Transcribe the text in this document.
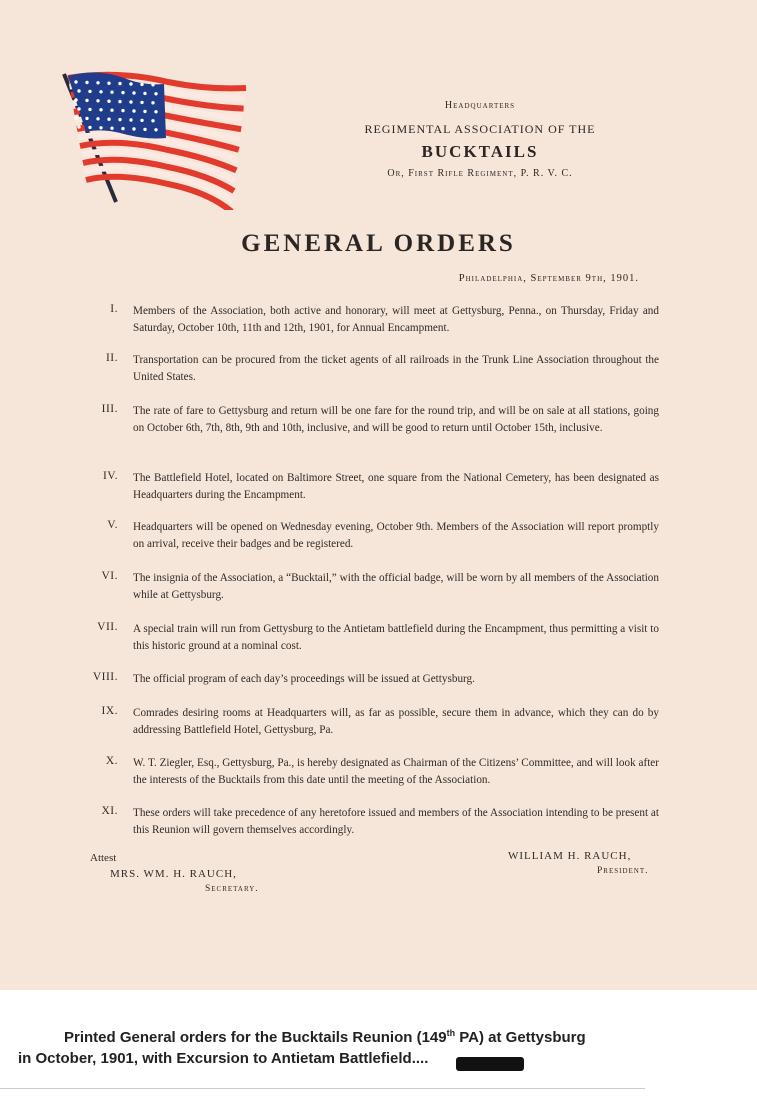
Headquarters
REGIMENTAL ASSOCIATION OF THE
BUCKTAILS
Or, First Rifle Regiment, P. R. V. C.
GENERAL ORDERS
Philadelphia, September 9th, 1901.
I. Members of the Association, both active and honorary, will meet at Gettysburg, Penna., on Thursday, Friday and Saturday, October 10th, 11th and 12th, 1901, for Annual Encampment.
II. Transportation can be procured from the ticket agents of all railroads in the Trunk Line Association throughout the United States.
III. The rate of fare to Gettysburg and return will be one fare for the round trip, and will be on sale at all stations, going on October 6th, 7th, 8th, 9th and 10th, inclusive, and will be good to return until October 15th, inclusive.
IV. The Battlefield Hotel, located on Baltimore Street, one square from the National Cemetery, has been designated as Headquarters during the Encampment.
V. Headquarters will be opened on Wednesday evening, October 9th. Members of the Association will report promptly on arrival, receive their badges and be registered.
VI. The insignia of the Association, a “Bucktail,” with the official badge, will be worn by all members of the Association while at Gettysburg.
VII. A special train will run from Gettysburg to the Antietam battlefield during the Encampment, thus permitting a visit to this historic ground at a nominal cost.
VIII. The official program of each day’s proceedings will be issued at Gettysburg.
IX. Comrades desiring rooms at Headquarters will, as far as possible, secure them in advance, which they can do by addressing Battlefield Hotel, Gettysburg, Pa.
X. W. T. Ziegler, Esq., Gettysburg, Pa., is hereby designated as Chairman of the Citizens’ Committee, and will look after the interests of the Bucktails from this date until the meeting of the Association.
XI. These orders will take precedence of any heretofore issued and members of the Association intending to be present at this Reunion will govern themselves accordingly.
Attest
MRS. WM. H. RAUCH,
Secretary.
WILLIAM H. RAUCH,
President.
Printed General orders for the Bucktails Reunion (149th PA) at Gettysburg
in October, 1901, with Excursion to Antietam Battlefield....
